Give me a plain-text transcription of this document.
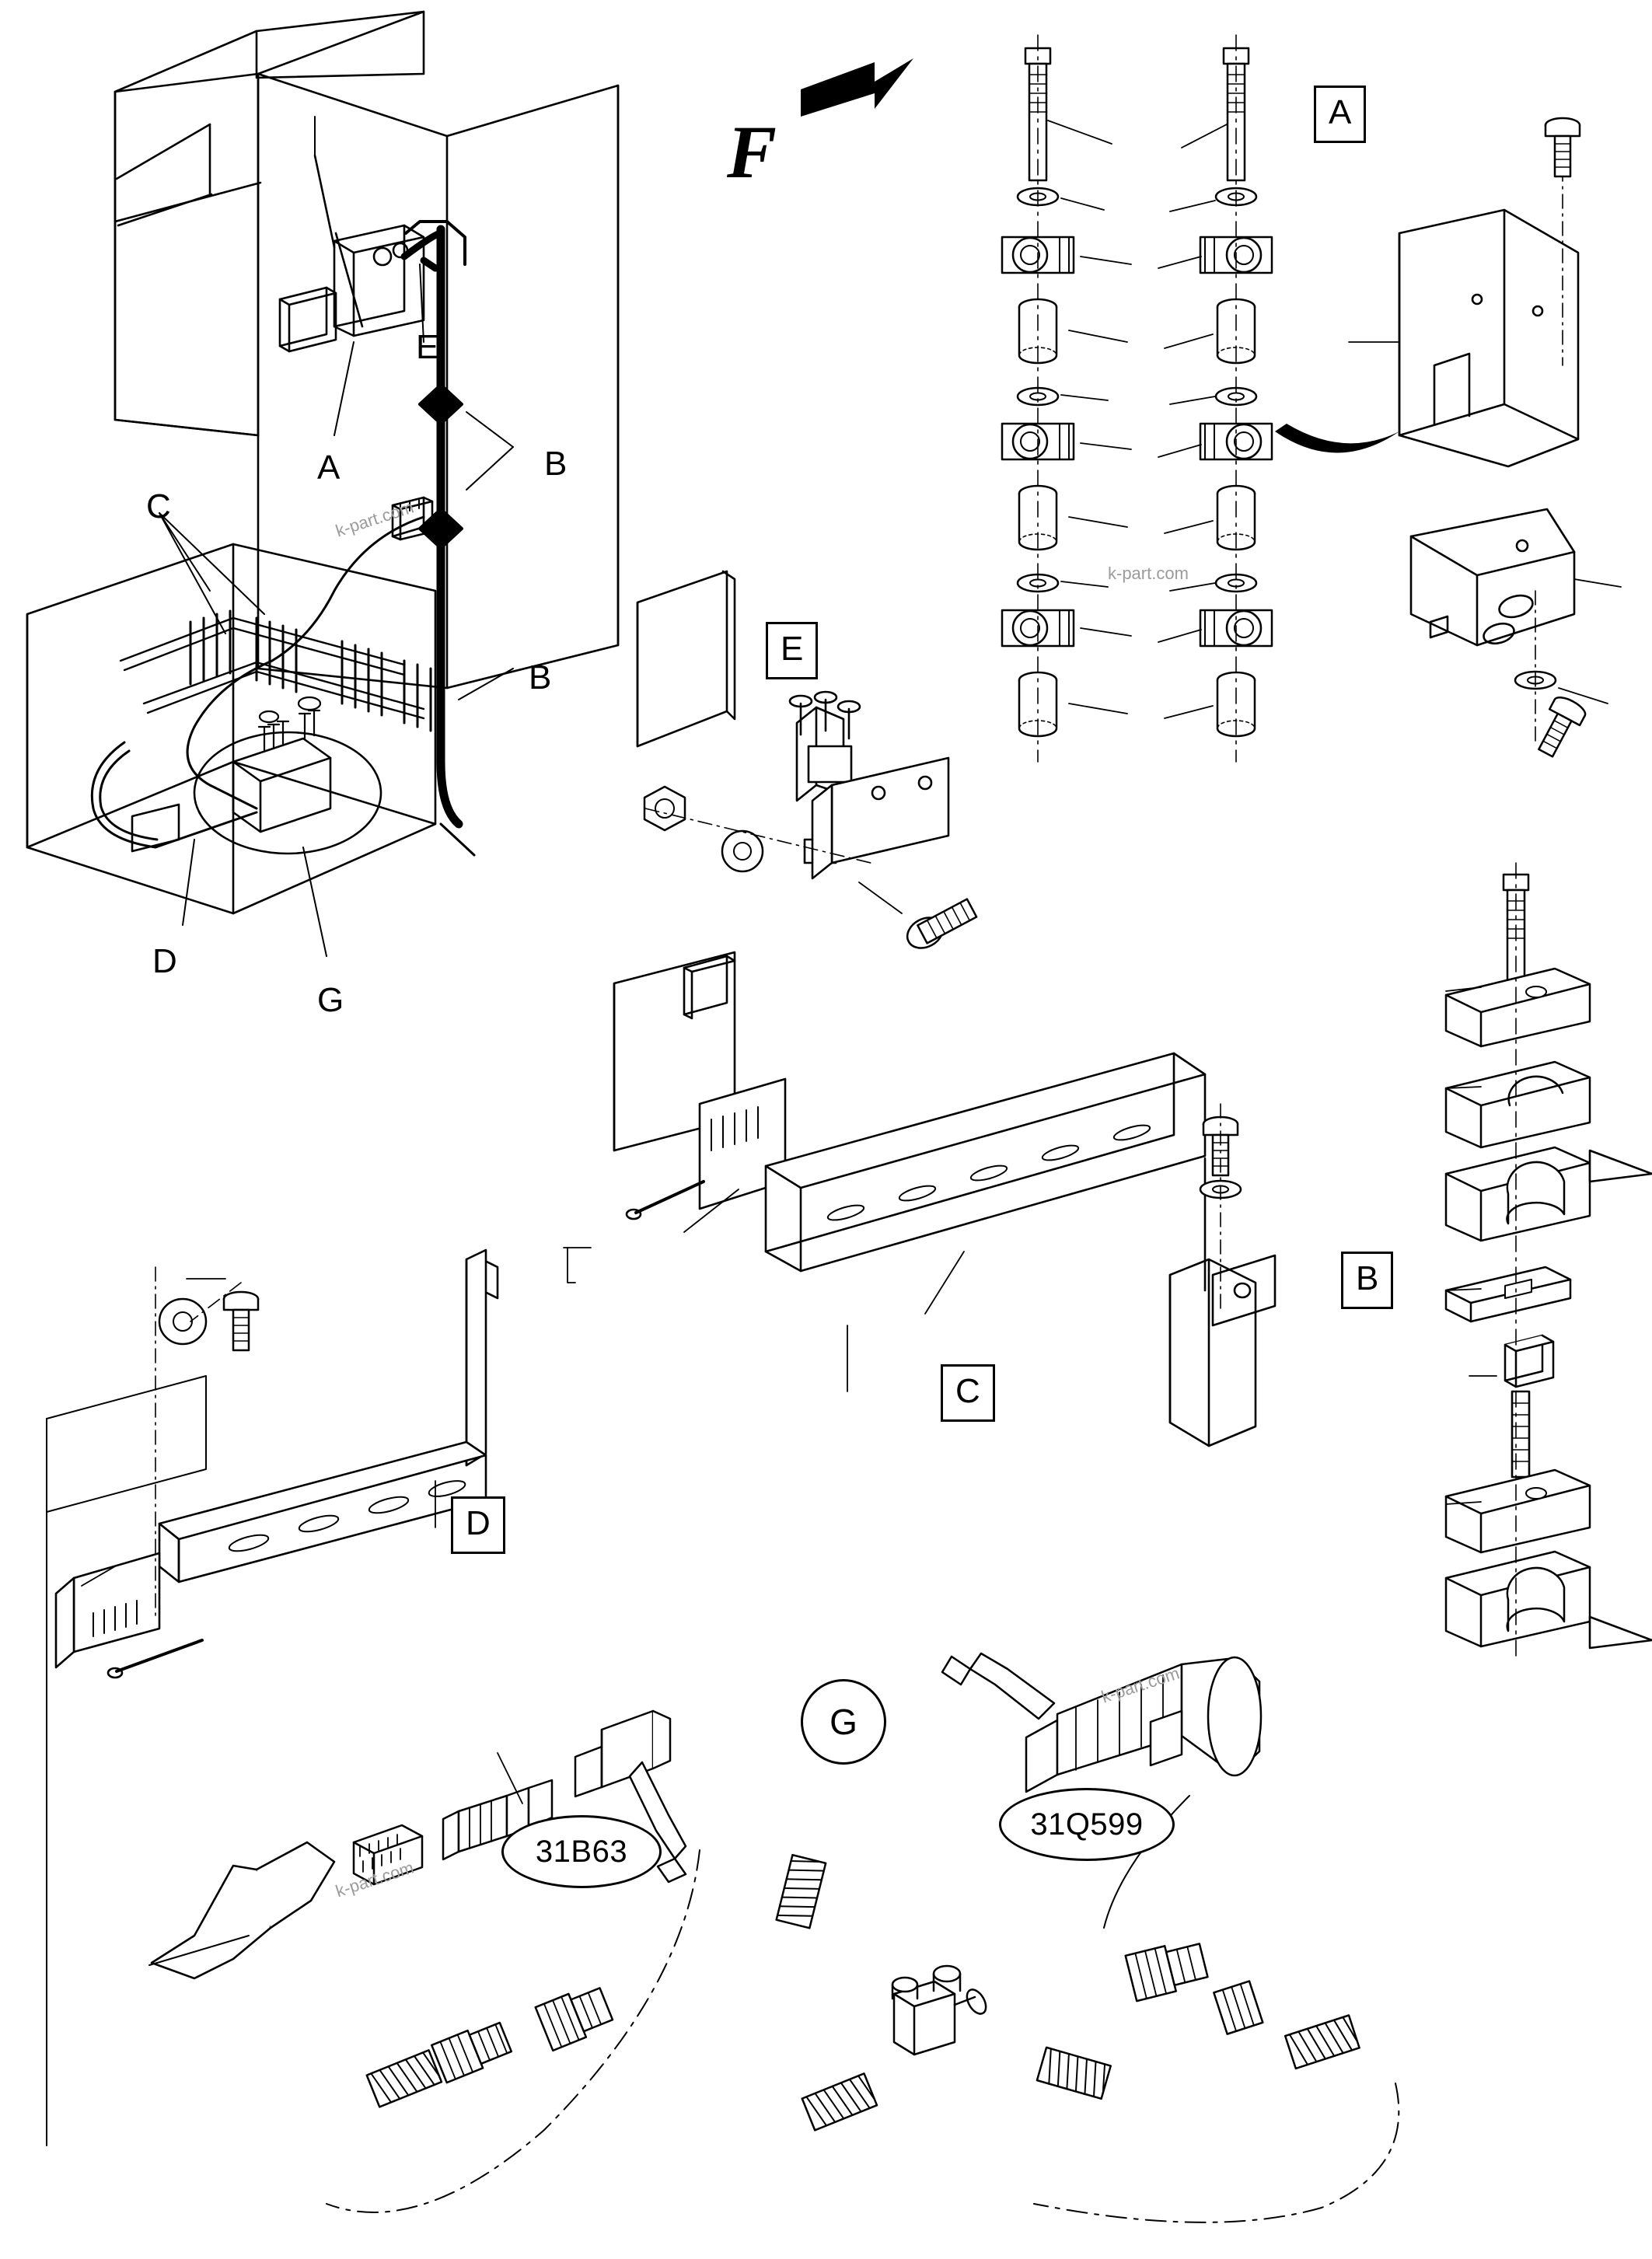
A
E
B
C
D
E
A	B
C
B
D
G
F
G
31B63
31Q599
k-part.com
k-part.com
k-part.com
k-part.com
